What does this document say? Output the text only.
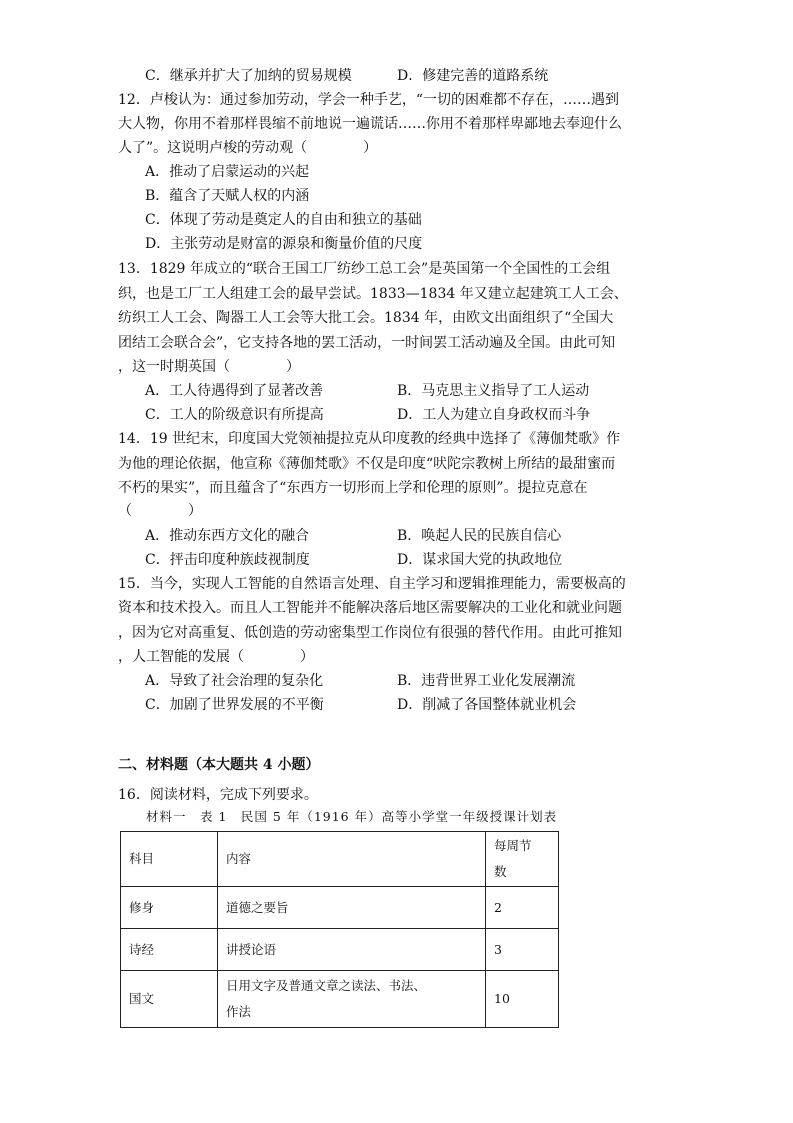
C．继承并扩大了加纳的贸易规模	D．修建完善的道路系统
12．卢梭认为：通过参加劳动，学会一种手艺，“一切的困难都不存在，……遇到
大人物，你用不着那样畏缩不前地说一遍谎话……你用不着那样卑鄙地去奉迎什么
人了”。这说明卢梭的劳动观（　　　　）
A．推动了启蒙运动的兴起
B．蕴含了天赋人权的内涵
C．体现了劳动是奠定人的自由和独立的基础
D．主张劳动是财富的源泉和衡量价值的尺度
13．1829 年成立的“联合王国工厂纺纱工总工会”是英国第一个全国性的工会组
织，也是工厂工人组建工会的最早尝试。1833—1834 年又建立起建筑工人工会、
纺织工人工会、陶器工人工会等大批工会。1834 年，由欧文出面组织了“全国大
团结工会联合会”，它支持各地的罢工活动，一时间罢工活动遍及全国。由此可知
，这一时期英国（　　　　）
A．工人待遇得到了显著改善	B．马克思主义指导了工人运动
C．工人的阶级意识有所提高	D．工人为建立自身政权而斗争
14．19 世纪末，印度国大党领袖提拉克从印度教的经典中选择了《薄伽梵歌》作
为他的理论依据，他宣称《薄伽梵歌》不仅是印度“吠陀宗教树上所结的最甜蜜而
不朽的果实”，而且蕴含了“东西方一切形而上学和伦理的原则”。提拉克意在
（　　　　）
A．推动东西方文化的融合	B．唤起人民的民族自信心
C．抨击印度种族歧视制度	D．谋求国大党的执政地位
15．当今，实现人工智能的自然语言处理、自主学习和逻辑推理能力，需要极高的
资本和技术投入。而且人工智能并不能解决落后地区需要解决的工业化和就业问题
，因为它对高重复、低创造的劳动密集型工作岗位有很强的替代作用。由此可推知
，人工智能的发展（　　　　）
A．导致了社会治理的复杂化	B．违背世界工业化发展潮流
C．加剧了世界发展的不平衡	D．削减了各国整体就业机会
二、材料题（本大题共 4 小题）
16．阅读材料，完成下列要求。
材料一　表 1　民国 5 年（1916 年）高等小学堂一年级授课计划表
科目	内容	每周节
数

修身	道德之要旨	2
诗经	讲授论语	3
国文	日用文字及普通文章之读法、书法、
作法	10
